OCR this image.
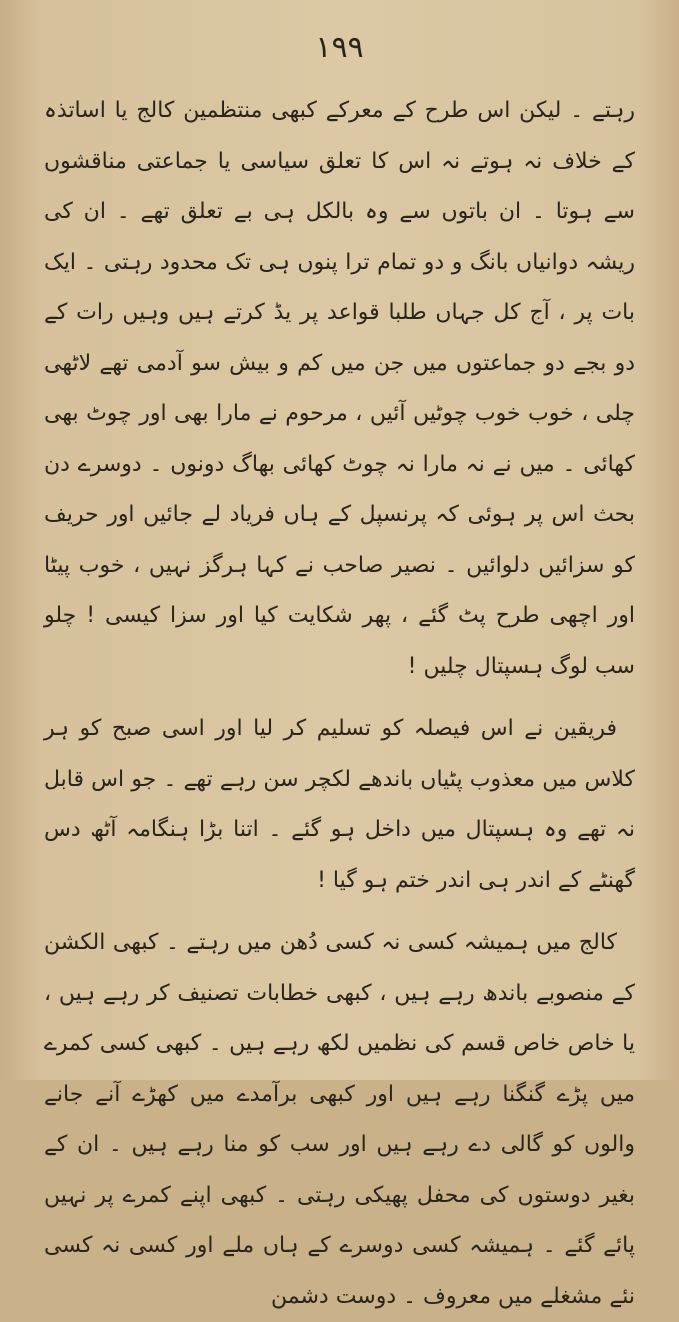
۱۹۹

رہتے ۔ لیکن اس طرح کے معرکے کبھی منتظمین کالج یا اساتذہ کے خلاف نہ ہوتے نہ اس کا تعلق سیاسی یا جماعتی مناقشوں سے ہوتا ۔ ان باتوں سے وہ بالکل ہی بے تعلق تھے ۔ ان کی ریشہ دوانیاں بانگ و دو تمام ترا پنوں ہی تک محدود رہتی ۔ ایک بات پر ، آج کل جہاں طلبا قواعد پر یڈ کرتے ہیں وہیں رات کے دو بجے دو جماعتوں میں جن میں کم و بیش سو آدمی تھے لاٹھی چلی ، خوب خوب چوٹیں آئیں ، مرحوم نے مارا بھی اور چوٹ بھی کھائی ۔ میں نے نہ مارا نہ چوٹ کھائی بھاگ دونوں ۔ دوسرے دن بحث اس پر ہوئی کہ پرنسپل کے ہاں فریاد لے جائیں اور حریف کو سزائیں دلوائیں ۔ نصیر صاحب نے کہا ہرگز نہیں ، خوب پیٹا اور اچھی طرح پٹ گئے ، پھر شکایت کیا اور سزا کیسی ! چلو سب لوگ ہسپتال چلیں !

فریقین نے اس فیصلہ کو تسلیم کر لیا اور اسی صبح کو ہر کلاس میں معذوب پٹیاں باندھے لکچر سن رہے تھے ۔ جو اس قابل نہ تھے وہ ہسپتال میں داخل ہو گئے ۔ اتنا بڑا ہنگامہ آٹھ دس گھنٹے کے اندر ہی اندر ختم ہو گیا !

کالج میں ہمیشہ کسی نہ کسی دُھن میں رہتے ۔ کبھی الکشن کے منصوبے باندھ رہے ہیں ، کبھی خطابات تصنیف کر رہے ہیں ، یا خاص خاص قسم کی نظمیں لکھ رہے ہیں ۔ کبھی کسی کمرے میں پڑے گنگنا رہے ہیں اور کبھی برآمدے میں کھڑے آنے جانے والوں کو گالی دے رہے ہیں اور سب کو منا رہے ہیں ۔ ان کے بغیر دوستوں کی محفل پھیکی رہتی ۔ کبھی اپنے کمرے پر نہیں پائے گئے ۔ ہمیشہ کسی دوسرے کے ہاں ملے اور کسی نہ کسی نئے مشغلے میں معروف ۔ دوست دشمن
